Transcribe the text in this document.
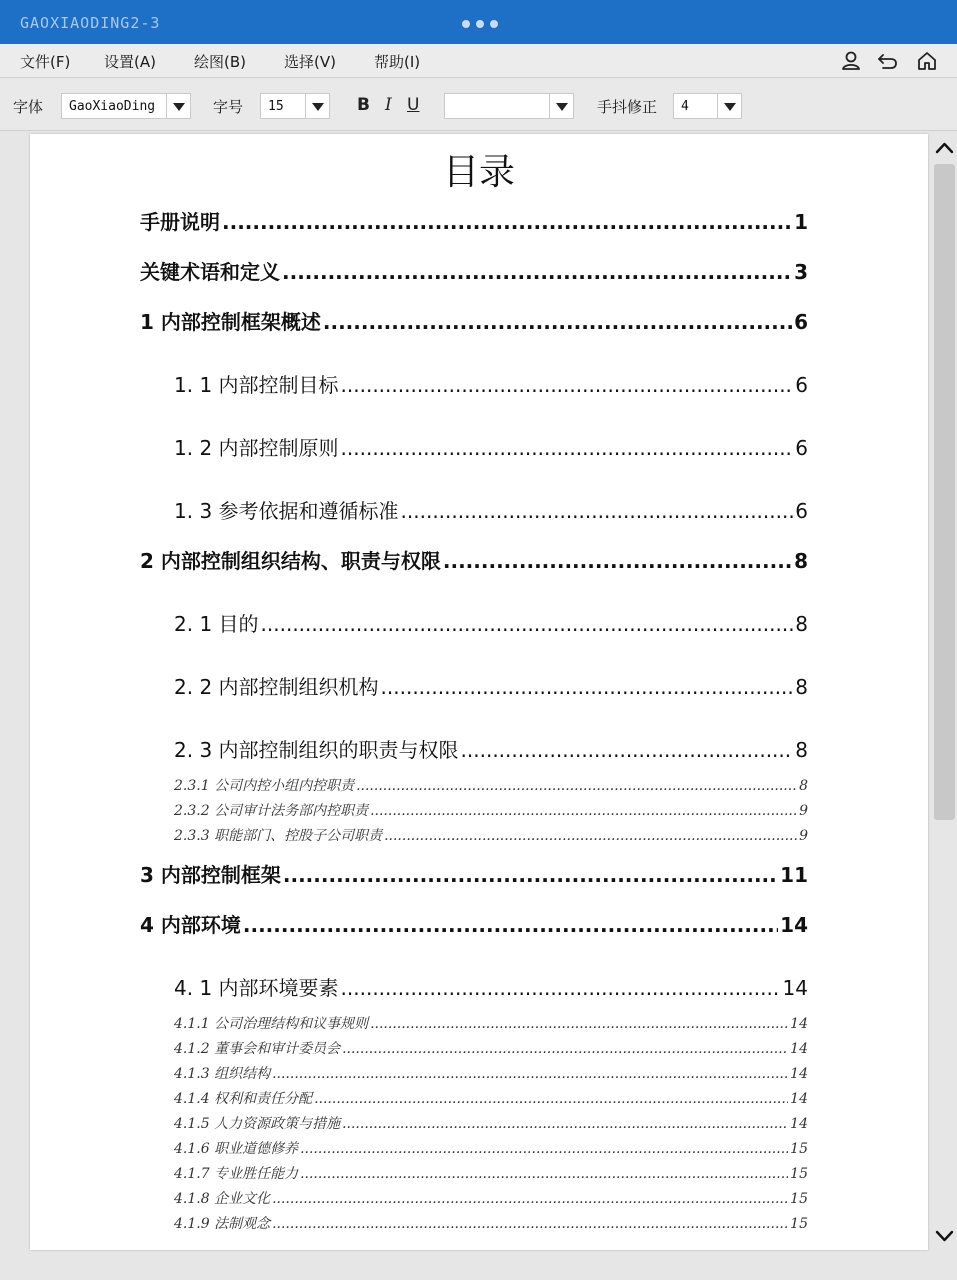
GAOXIAODING2-3
文件(F) 设置(A)	绘图(B)	选择(V)	帮助(I)
字体	GaoXiaoDing	字号	15	B I U	手抖修正	4
目录
手册说明 .....	1
关键术语和定义 .....	3
1 内部控制框架概述 .....	6
1. 1 内部控制目标 .....	6
1. 2 内部控制原则 .....	6
1. 3 参考依据和遵循标准 .....	6
2 内部控制组织结构、职责与权限 .....	8
2. 1 目的 .....	8
2. 2 内部控制组织机构 .....	8
2. 3 内部控制组织的职责与权限 .....	8
2.3.1 公司内控小组内控职责 .....	8
2.3.2 公司审计法务部内控职责 .....	9
2.3.3 职能部门、控股子公司职责 .....	9
3 内部控制框架 .....	11
4 内部环境 .....	14
4. 1 内部环境要素 .....	14
4.1.1 公司治理结构和议事规则 .....	14
4.1.2 董事会和审计委员会 .....	14
4.1.3 组织结构 .....	14
4.1.4 权利和责任分配 .....	14
4.1.5 人力资源政策与措施 .....	14
4.1.6 职业道德修养 .....	15
4.1.7 专业胜任能力 .....	15
4.1.8 企业文化 .....	15
4.1.9 法制观念 .....	15
